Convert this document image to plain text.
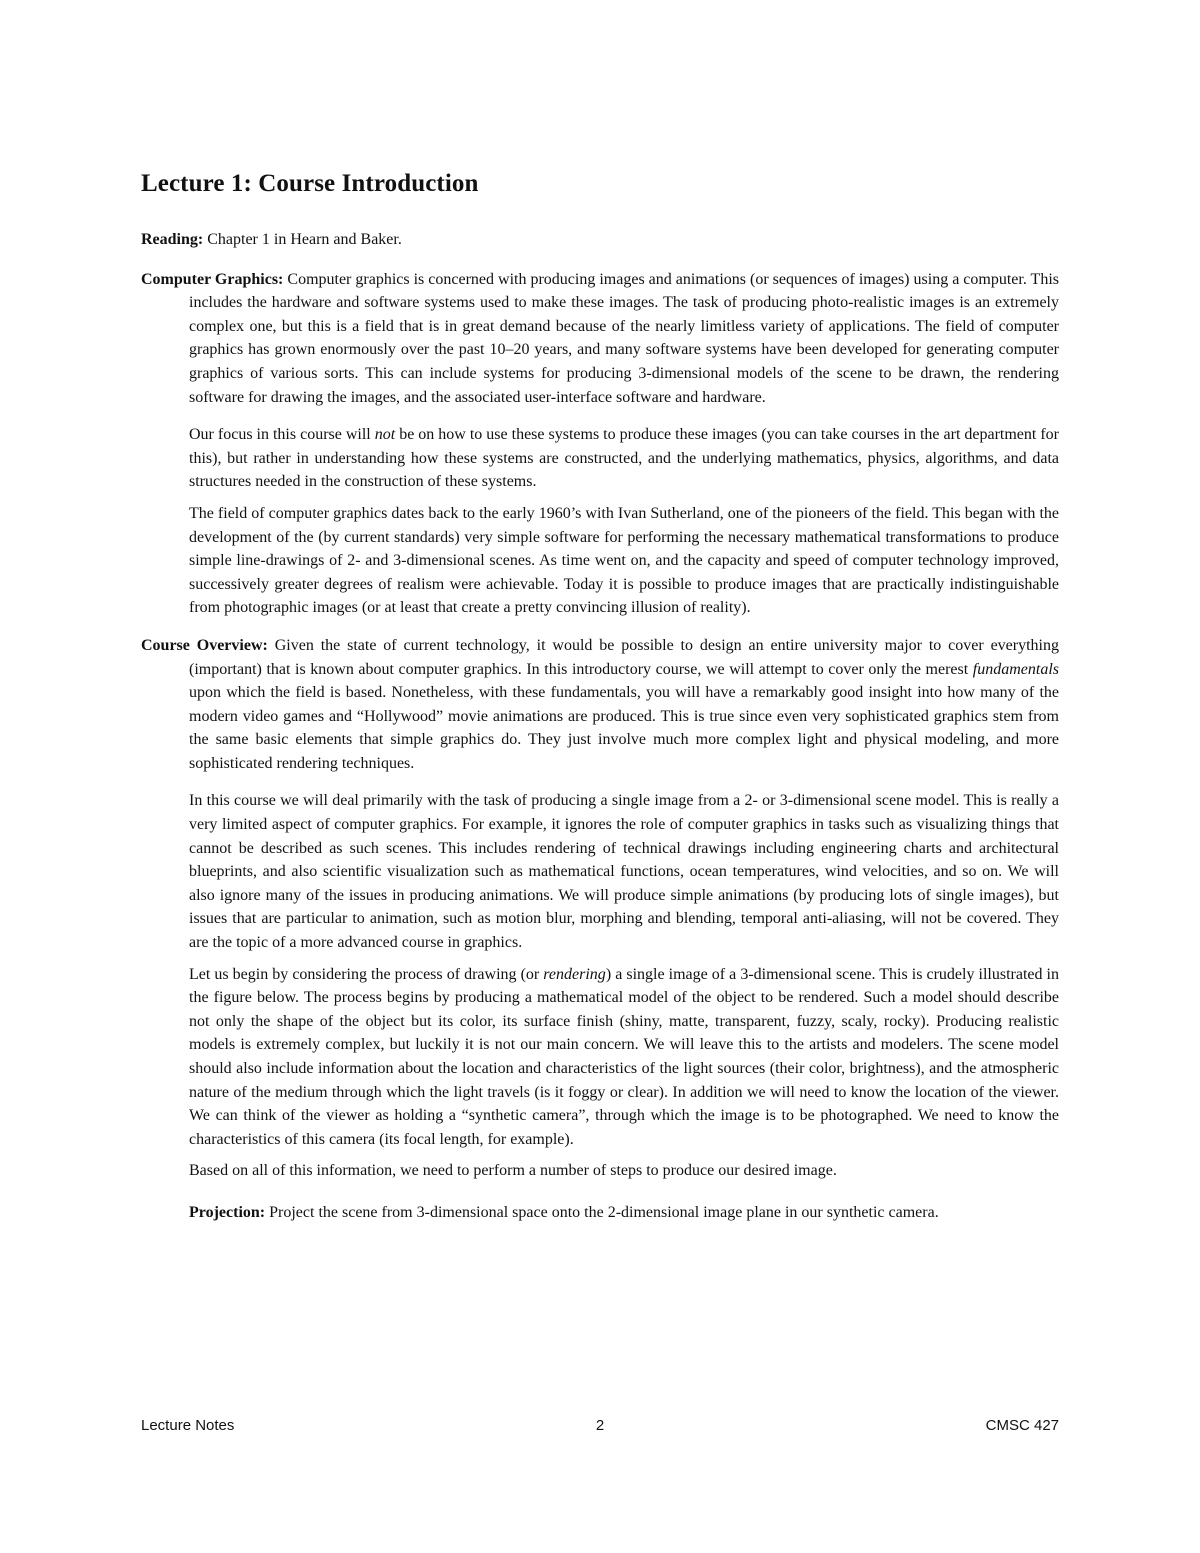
Lecture 1: Course Introduction

Reading: Chapter 1 in Hearn and Baker.

Computer Graphics: Computer graphics is concerned with producing images and animations (or sequences of images) using a computer. This includes the hardware and software systems used to make these images. The task of producing photo-realistic images is an extremely complex one, but this is a field that is in great demand because of the nearly limitless variety of applications. The field of computer graphics has grown enormously over the past 10–20 years, and many software systems have been developed for generating computer graphics of various sorts. This can include systems for producing 3-dimensional models of the scene to be drawn, the rendering software for drawing the images, and the associated user-interface software and hardware.

Our focus in this course will not be on how to use these systems to produce these images (you can take courses in the art department for this), but rather in understanding how these systems are constructed, and the underlying mathematics, physics, algorithms, and data structures needed in the construction of these systems.

The field of computer graphics dates back to the early 1960’s with Ivan Sutherland, one of the pioneers of the field. This began with the development of the (by current standards) very simple software for performing the necessary mathematical transformations to produce simple line-drawings of 2- and 3-dimensional scenes. As time went on, and the capacity and speed of computer technology improved, successively greater degrees of realism were achievable. Today it is possible to produce images that are practically indistinguishable from photographic images (or at least that create a pretty convincing illusion of reality).

Course Overview: Given the state of current technology, it would be possible to design an entire university major to cover everything (important) that is known about computer graphics. In this introductory course, we will attempt to cover only the merest fundamentals upon which the field is based. Nonetheless, with these fundamentals, you will have a remarkably good insight into how many of the modern video games and “Hollywood” movie animations are produced. This is true since even very sophisticated graphics stem from the same basic elements that simple graphics do. They just involve much more complex light and physical modeling, and more sophisticated rendering techniques.

In this course we will deal primarily with the task of producing a single image from a 2- or 3-dimensional scene model. This is really a very limited aspect of computer graphics. For example, it ignores the role of computer graphics in tasks such as visualizing things that cannot be described as such scenes. This includes rendering of technical drawings including engineering charts and architectural blueprints, and also scientific visualization such as mathematical functions, ocean temperatures, wind velocities, and so on. We will also ignore many of the issues in producing animations. We will produce simple animations (by producing lots of single images), but issues that are particular to animation, such as motion blur, morphing and blending, temporal anti-aliasing, will not be covered. They are the topic of a more advanced course in graphics.

Let us begin by considering the process of drawing (or rendering) a single image of a 3-dimensional scene. This is crudely illustrated in the figure below. The process begins by producing a mathematical model of the object to be rendered. Such a model should describe not only the shape of the object but its color, its surface finish (shiny, matte, transparent, fuzzy, scaly, rocky). Producing realistic models is extremely complex, but luckily it is not our main concern. We will leave this to the artists and modelers. The scene model should also include information about the location and characteristics of the light sources (their color, brightness), and the atmospheric nature of the medium through which the light travels (is it foggy or clear). In addition we will need to know the location of the viewer. We can think of the viewer as holding a “synthetic camera”, through which the image is to be photographed. We need to know the characteristics of this camera (its focal length, for example).

Based on all of this information, we need to perform a number of steps to produce our desired image.

Projection: Project the scene from 3-dimensional space onto the 2-dimensional image plane in our synthetic camera.

Lecture Notes	2	CMSC 427
